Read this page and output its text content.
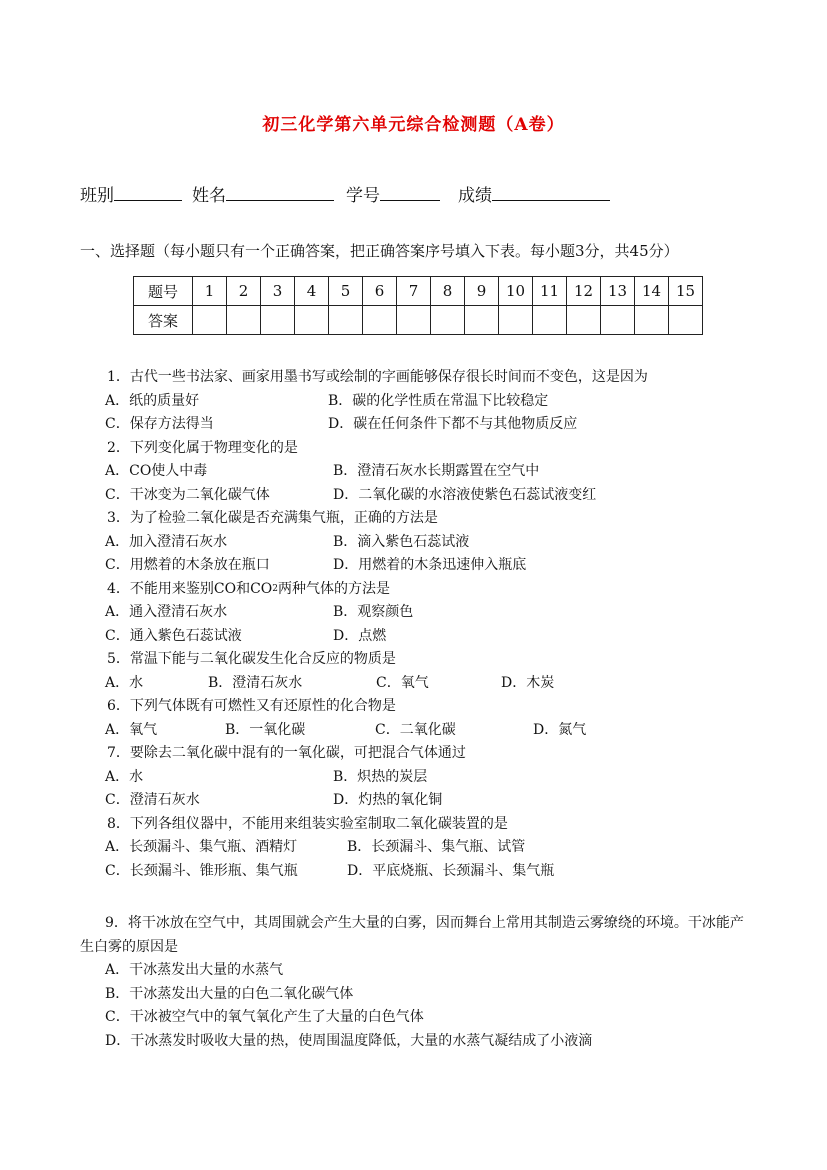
初三化学第六单元综合检测题（A卷）
班别	姓名	学号	成绩
一、选择题（每小题只有一个正确答案，把正确答案序号填入下表。每小题3分，共45分）
题号	1	2	3	4	5	6	7	8	9	10	11	12	13	14	15
答案															
1．古代一些书法家、画家用墨书写或绘制的字画能够保存很长时间而不变色，这是因为
A．纸的质量好	B．碳的化学性质在常温下比较稳定
C．保存方法得当	D．碳在任何条件下都不与其他物质反应
2．下列变化属于物理变化的是
A．CO使人中毒	B．澄清石灰水长期露置在空气中
C．干冰变为二氧化碳气体	D．二氧化碳的水溶液使紫色石蕊试液变红
3．为了检验二氧化碳是否充满集气瓶，正确的方法是
A．加入澄清石灰水	B．滴入紫色石蕊试液
C．用燃着的木条放在瓶口	D．用燃着的木条迅速伸入瓶底
4．不能用来鉴别CO和CO 2 两种气体的方法是
A．通入澄清石灰水	B．观察颜色
C．通入紫色石蕊试液	D．点燃
5．常温下能与二氧化碳发生化合反应的物质是
A．水	B．澄清石灰水	C．氧气	D．木炭
6．下列气体既有可燃性又有还原性的化合物是
A．氧气	B．一氧化碳	C．二氧化碳	D．氮气
7．要除去二氧化碳中混有的一氧化碳，可把混合气体通过
A．水	B．炽热的炭层
C．澄清石灰水	D．灼热的氧化铜
8．下列各组仪器中，不能用来组装实验室制取二氧化碳装置的是
A．长颈漏斗、集气瓶、酒精灯	B．长颈漏斗、集气瓶、试管
C．长颈漏斗、锥形瓶、集气瓶	D．平底烧瓶、长颈漏斗、集气瓶
9．将干冰放在空气中，其周围就会产生大量的白雾，因而舞台上常用其制造云雾缭绕的环境。干冰能产生白雾的原因是
A．干冰蒸发出大量的水蒸气
B．干冰蒸发出大量的白色二氧化碳气体
C．干冰被空气中的氧气氧化产生了大量的白色气体
D．干冰蒸发时吸收大量的热，使周围温度降低，大量的水蒸气凝结成了小液滴
